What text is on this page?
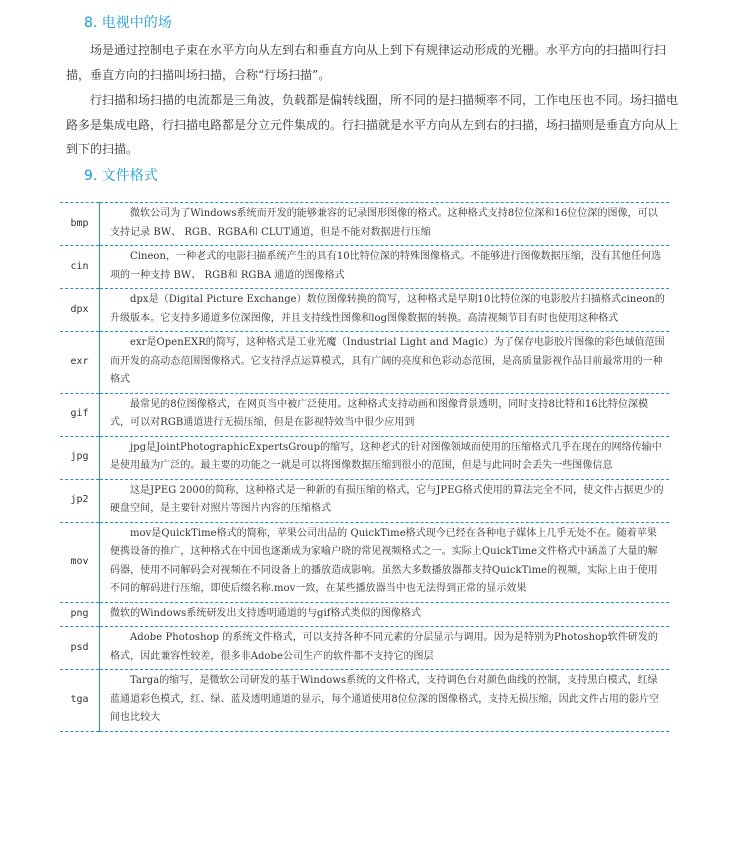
8. 电视中的场

场是通过控制电子束在水平方向从左到右和垂直方向从上到下有规律运动形成的光栅。水平方向的扫描叫行扫描，垂直方向的扫描叫场扫描，合称“行场扫描”。

行扫描和场扫描的电流都是三角波，负载都是偏转线圈，所不同的是扫描频率不同，工作电压也不同。场扫描电路多是集成电路，行扫描电路都是分立元件集成的。行扫描就是水平方向从左到右的扫描，场扫描则是垂直方向从上到下的扫描。

9. 文件格式
bmp	微软公司为了Windows系统而开发的能够兼容的记录图形图像的格式。这种格式支持8位位深和16位位深的图像，可以支持记录 BW、 RGB、RGBA和 CLUT通道，但是不能对数据进行压缩
cin	Cineon，一种老式的电影扫描系统产生的具有10比特位深的特殊图像格式。不能够进行图像数据压缩，没有其他任何选项的一种支持 BW、 RGB和 RGBA 通道的图像格式
dpx	dpx是（Digital Picture Exchange）数位图像转换的简写，这种格式是早期10比特位深的电影胶片扫描格式cineon的升级版本。它支持多通道多位深图像，并且支持线性图像和log图像数据的转换。高清视频节目有时也使用这种格式
exr	exr是OpenEXR的简写，这种格式是工业光魔（Industrial Light and Magic）为了保存电影胶片图像的彩色域值范围而开发的高动态范围图像格式。它支持浮点运算模式，具有广阔的亮度和色彩动态范围，是高质量影视作品目前最常用的一种格式
gif	最常见的8位图像格式，在网页当中被广泛使用。这种格式支持动画和图像背景透明，同时支持8比特和16比特位深模式，可以对RGB通道进行无损压缩，但是在影视特效当中很少应用到
jpg	jpg是JointPhotographicExpertsGroup的缩写，这种老式的针对图像领域而使用的压缩格式几乎在现在的网络传输中是使用最为广泛的。最主要的功能之一就是可以将图像数据压缩到很小的范围，但是与此同时会丢失一些图像信息
jp2	这是JPEG 2000的简称，这种格式是一种新的有损压缩的格式，它与JPEG格式使用的算法完全不同，使文件占据更少的硬盘空间，是主要针对照片等图片内容的压缩格式
mov	mov是QuickTime格式的简称，苹果公司出品的 QuickTime格式现今已经在各种电子媒体上几乎无处不在。随着苹果便携设备的推广，这种格式在中国也逐渐成为家喻户晓的常见视频格式之一。实际上QuickTime文件格式中涵盖了大量的解码器，使用不同解码会对视频在不同设备上的播放造成影响。虽然大多数播放器都支持QuickTime的视频，实际上由于使用不同的解码进行压缩，即使后缀名称.mov一致，在某些播放器当中也无法得到正常的显示效果
png	微软的Windows系统研发出支持透明通道的与gif格式类似的图像格式
psd	Adobe Photoshop 的系统文件格式，可以支持各种不同元素的分层显示与调用。因为是特别为Photoshop软件研发的格式，因此兼容性较差，很多非Adobe公司生产的软件都不支持它的图层
tga	Targa的缩写，是微软公司研发的基于Windows系统的文件格式，支持调色台对颜色曲线的控制，支持黑白模式，红绿蓝通道彩色模式，红、绿、蓝及透明通道的显示，每个通道使用8位位深的图像格式，支持无损压缩，因此文件占用的影片空间也比较大
